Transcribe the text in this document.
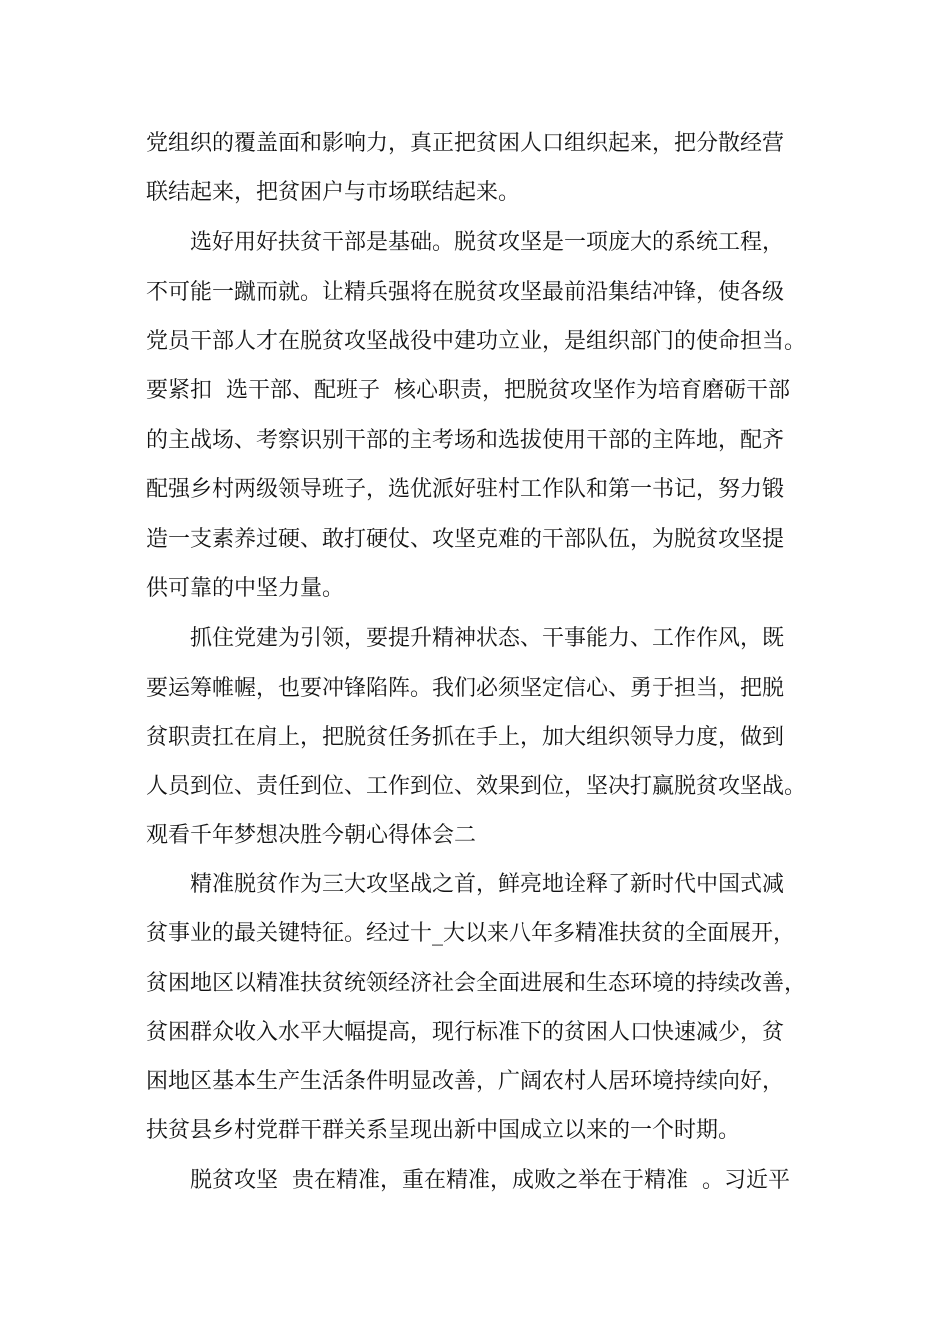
党组织的覆盖面和影响力，真正把贫困人口组织起来，把分散经营
联结起来，把贫困户与市场联结起来。
选好用好扶贫干部是基础。脱贫攻坚是一项庞大的系统工程，
不可能一蹴而就。让精兵强将在脱贫攻坚最前沿集结冲锋，使各级
党员干部人才在脱贫攻坚战役中建功立业，是组织部门的使命担当。
要紧扣  选干部、配班子  核心职责，把脱贫攻坚作为培育磨砺干部
的主战场、考察识别干部的主考场和选拔使用干部的主阵地，配齐
配强乡村两级领导班子，选优派好驻村工作队和第一书记，努力锻
造一支素养过硬、敢打硬仗、攻坚克难的干部队伍，为脱贫攻坚提
供可靠的中坚力量。
抓住党建为引领，要提升精神状态、干事能力、工作作风，既
要运筹帷幄，也要冲锋陷阵。我们必须坚定信心、勇于担当，把脱
贫职责扛在肩上，把脱贫任务抓在手上，加大组织领导力度，做到
人员到位、责任到位、工作到位、效果到位，坚决打赢脱贫攻坚战。
观看千年梦想决胜今朝心得体会二
精准脱贫作为三大攻坚战之首，鲜亮地诠释了新时代中国式减
贫事业的最关键特征。经过十_大以来八年多精准扶贫的全面展开，
贫困地区以精准扶贫统领经济社会全面进展和生态环境的持续改善，
贫困群众收入水平大幅提高，现行标准下的贫困人口快速减少，贫
困地区基本生产生活条件明显改善，广阔农村人居环境持续向好，
扶贫县乡村党群干群关系呈现出新中国成立以来的一个时期。
脱贫攻坚  贵在精准，重在精准，成败之举在于精准  。习近平
